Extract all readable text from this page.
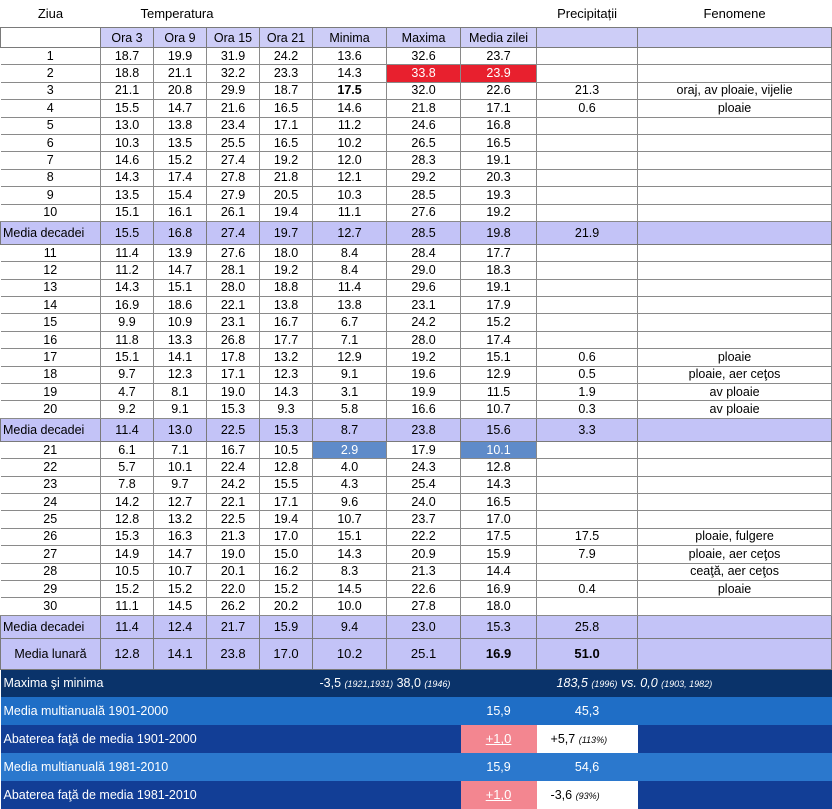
Ziua	Temperatura							Precipitații	Fenomene
	Ora 3	Ora 9	Ora 15	Ora 21	Minima	Maxima	Media zilei		
1	18.7	19.9	31.9	24.2	13.6	32.6	23.7		
2	18.8	21.1	32.2	23.3	14.3	33.8	23.9		
3	21.1	20.8	29.9	18.7	17.5	32.0	22.6	21.3	oraj, av ploaie, vijelie
4	15.5	14.7	21.6	16.5	14.6	21.8	17.1	0.6	ploaie
5	13.0	13.8	23.4	17.1	11.2	24.6	16.8		
6	10.3	13.5	25.5	16.5	10.2	26.5	16.5		
7	14.6	15.2	27.4	19.2	12.0	28.3	19.1		
8	14.3	17.4	27.8	21.8	12.1	29.2	20.3		
9	13.5	15.4	27.9	20.5	10.3	28.5	19.3		
10	15.1	16.1	26.1	19.4	11.1	27.6	19.2		
Media decadei	15.5	16.8	27.4	19.7	12.7	28.5	19.8	21.9	
11	11.4	13.9	27.6	18.0	8.4	28.4	17.7		
12	11.2	14.7	28.1	19.2	8.4	29.0	18.3		
13	14.3	15.1	28.0	18.8	11.4	29.6	19.1		
14	16.9	18.6	22.1	13.8	13.8	23.1	17.9		
15	9.9	10.9	23.1	16.7	6.7	24.2	15.2		
16	11.8	13.3	26.8	17.7	7.1	28.0	17.4		
17	15.1	14.1	17.8	13.2	12.9	19.2	15.1	0.6	ploaie
18	9.7	12.3	17.1	12.3	9.1	19.6	12.9	0.5	ploaie, aer ceţos
19	4.7	8.1	19.0	14.3	3.1	19.9	11.5	1.9	av ploaie
20	9.2	9.1	15.3	9.3	5.8	16.6	10.7	0.3	av ploaie
Media decadei	11.4	13.0	22.5	15.3	8.7	23.8	15.6	3.3	
21	6.1	7.1	16.7	10.5	2.9	17.9	10.1		
22	5.7	10.1	22.4	12.8	4.0	24.3	12.8		
23	7.8	9.7	24.2	15.5	4.3	25.4	14.3		
24	14.2	12.7	22.1	17.1	9.6	24.0	16.5		
25	12.8	13.2	22.5	19.4	10.7	23.7	17.0		
26	15.3	16.3	21.3	17.0	15.1	22.2	17.5	17.5	ploaie, fulgere
27	14.9	14.7	19.0	15.0	14.3	20.9	15.9	7.9	ploaie, aer ceţos
28	10.5	10.7	20.1	16.2	8.3	21.3	14.4		ceaţă, aer ceţos
29	15.2	15.2	22.0	15.2	14.5	22.6	16.9	0.4	ploaie
30	11.1	14.5	26.2	20.2	10.0	27.8	18.0		
Media decadei	11.4	12.4	21.7	15.9	9.4	23.0	15.3	25.8	
Media lunară	12.8	14.1	23.8	17.0	10.2	25.1	16.9	51.0	
Maxima şi minima				-3,5 (1921,1931) 38,0 (1946)				183,5 (1996) vs. 0,0 (1903, 1982)	
Media multianuală 1901-2000							15,9	45,3	
Abaterea faţă de media 1901-2000							+1,0	+5,7 (113%)	
Media multianuală 1981-2010							15,9	54,6	
Abaterea faţă de media 1981-2010							+1,0	-3,6 (93%)	
